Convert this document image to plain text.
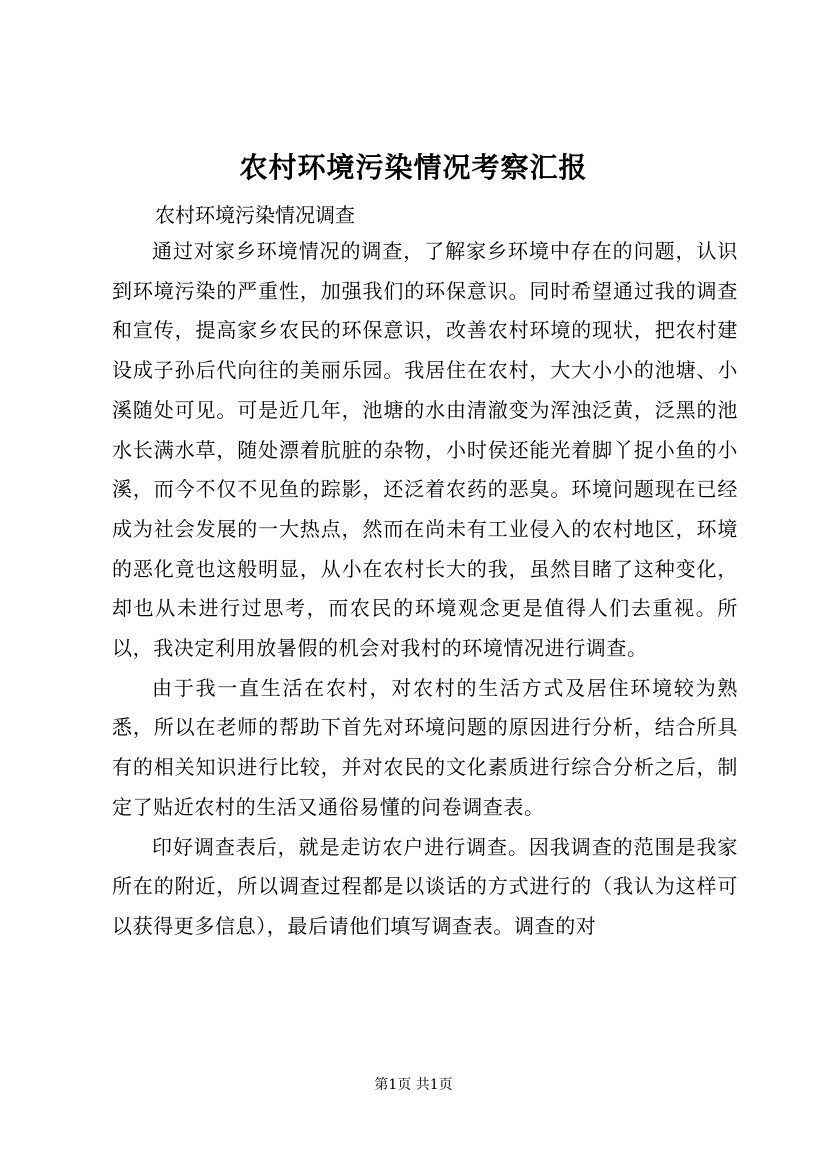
农村环境污染情况考察汇报
农村环境污染情况调查

通过对家乡环境情况的调查，了解家乡环境中存在的问题，认识到环境污染的严重性，加强我们的环保意识。同时希望通过我的调查和宣传，提高家乡农民的环保意识，改善农村环境的现状，把农村建设成子孙后代向往的美丽乐园。我居住在农村，大大小小的池塘、小溪随处可见。可是近几年，池塘的水由清澈变为浑浊泛黄，泛黑的池水长满水草，随处漂着肮脏的杂物，小时侯还能光着脚丫捉小鱼的小溪，而今不仅不见鱼的踪影，还泛着农药的恶臭。环境问题现在已经成为社会发展的一大热点，然而在尚未有工业侵入的农村地区，环境的恶化竟也这般明显，从小在农村长大的我，虽然目睹了这种变化，却也从未进行过思考，而农民的环境观念更是值得人们去重视。所以，我决定利用放暑假的机会对我村的环境情况进行调查。

由于我一直生活在农村，对农村的生活方式及居住环境较为熟悉，所以在老师的帮助下首先对环境问题的原因进行分析，结合所具有的相关知识进行比较，并对农民的文化素质进行综合分析之后，制定了贴近农村的生活又通俗易懂的问卷调查表。

印好调查表后，就是走访农户进行调查。因我调查的范围是我家所在的附近，所以调查过程都是以谈话的方式进行的（我认为这样可以获得更多信息），最后请他们填写调查表。调查的对

第1页 共1页
